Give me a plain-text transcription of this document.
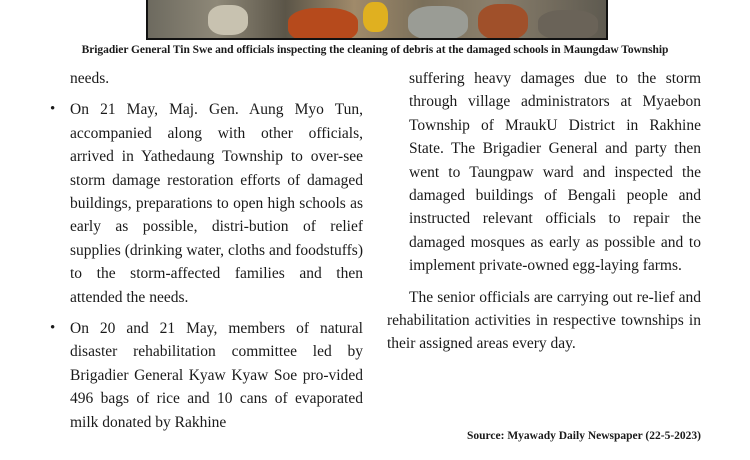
Brigadier General Tin Swe and officials inspecting the cleaning of debris at the damaged schools in Maungdaw Township

needs.

• On 21 May, Maj. Gen. Aung Myo Tun, accompanied along with other officials, arrived in Yathedaung Township to over-see storm damage restoration efforts of damaged buildings, preparations to open high schools as early as possible, distri-bution of relief supplies (drinking water, cloths and foodstuffs) to the storm-affected families and then attended the needs.

• On 20 and 21 May, members of natural disaster rehabilitation committee led by Brigadier General Kyaw Kyaw Soe pro-vided 496 bags of rice and 10 cans of evaporated milk donated by Rakhine

suffering heavy damages due to the storm through village administrators at Myaebon Township of MraukU District in Rakhine State. The Brigadier General and party then went to Taungpaw ward and inspected the damaged buildings of Bengali people and instructed relevant officials to repair the damaged mosques as early as possible and to implement private-owned egg-laying farms.

The senior officials are carrying out re-lief and rehabilitation activities in respective townships in their assigned areas every day.

Source: Myawady Daily Newspaper (22-5-2023)
